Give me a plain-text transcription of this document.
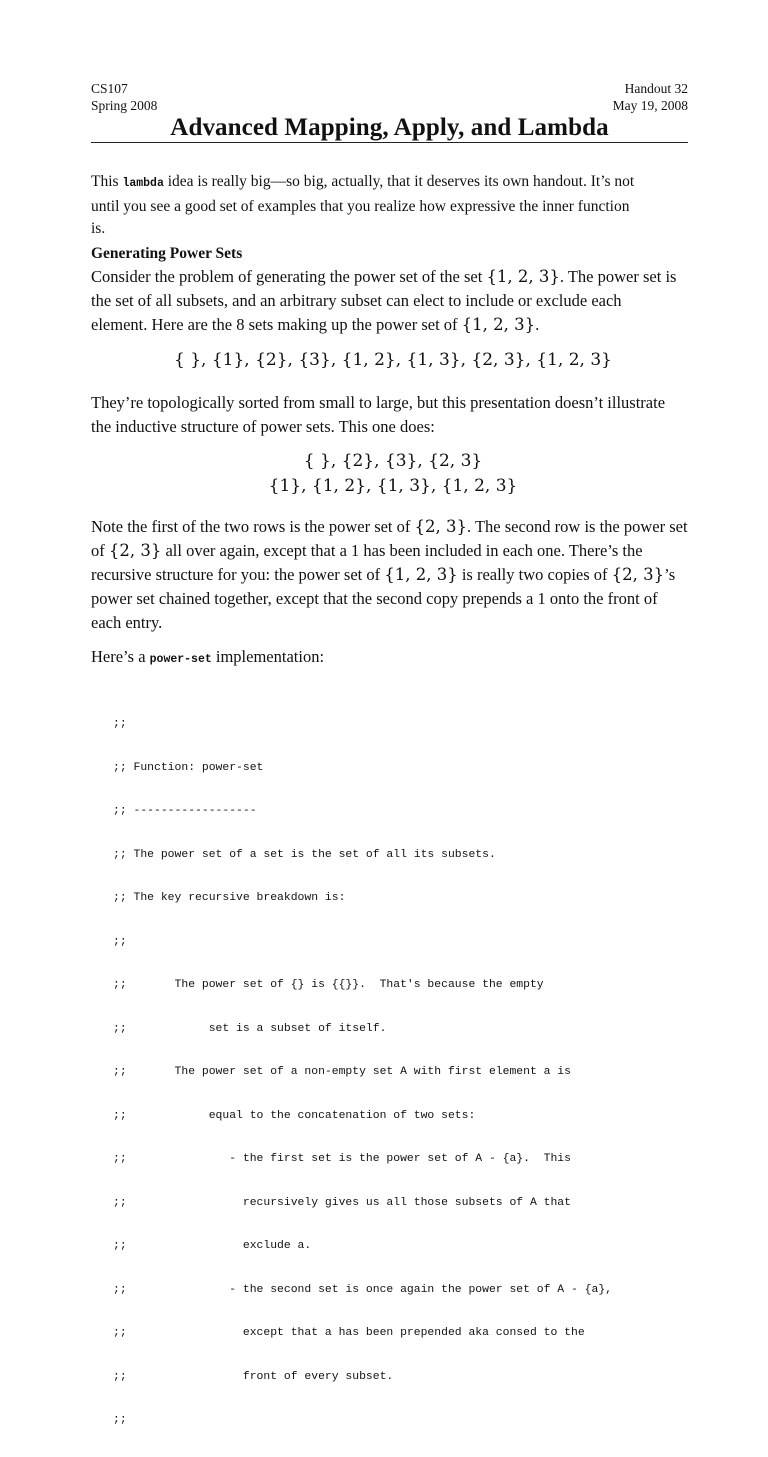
CS107
Spring 2008
Handout 32
May 19, 2008
Advanced Mapping, Apply, and Lambda
This lambda idea is really big—so big, actually, that it deserves its own handout. It’s not
until you see a good set of examples that you realize how expressive the inner function
is.
Generating Power Sets
Consider the problem of generating the power set of the set {1, 2, 3}. The power set is
the set of all subsets, and an arbitrary subset can elect to include or exclude each
element. Here are the 8 sets making up the power set of {1, 2, 3}.
{ }, {1}, {2}, {3}, {1, 2}, {1, 3}, {2, 3}, {1, 2, 3}
They’re topologically sorted from small to large, but this presentation doesn’t illustrate
the inductive structure of power sets. This one does:
{ }, {2}, {3}, {2, 3}
{1}, {1, 2}, {1, 3}, {1, 2, 3}
Note the first of the two rows is the power set of {2, 3}. The second row is the power set
of {2, 3} all over again, except that a 1 has been included in each one. There’s the
recursive structure for you: the power set of {1, 2, 3} is really two copies of {2, 3}’s
power set chained together, except that the second copy prepends a 1 onto the front of
each entry.
Here’s a power-set implementation:

;;

;; Function: power-set

;; ------------------

;; The power set of a set is the set of all its subsets.

;; The key recursive breakdown is:

;;

;;       The power set of {} is {{}}.  That's because the empty

;;            set is a subset of itself.

;;       The power set of a non-empty set A with first element a is

;;            equal to the concatenation of two sets:

;;               - the first set is the power set of A - {a}.  This

;;                 recursively gives us all those subsets of A that

;;                 exclude a.

;;               - the second set is once again the power set of A - {a},

;;                 except that a has been prepended aka consed to the

;;                 front of every subset.

;;
